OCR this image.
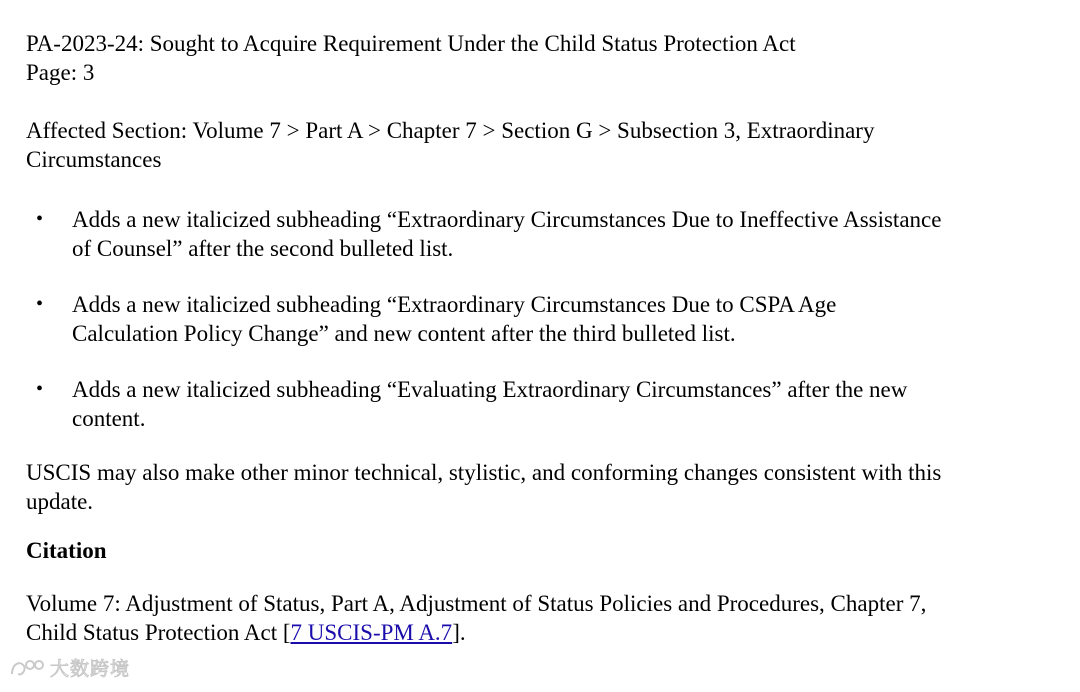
PA-2023-24: Sought to Acquire Requirement Under the Child Status Protection Act
Page: 3
Affected Section: Volume 7 > Part A > Chapter 7 > Section G > Subsection 3, Extraordinary
Circumstances
• Adds a new italicized subheading “Extraordinary Circumstances Due to Ineffective Assistance
of Counsel” after the second bulleted list.
• Adds a new italicized subheading “Extraordinary Circumstances Due to CSPA Age
Calculation Policy Change” and new content after the third bulleted list.
• Adds a new italicized subheading “Evaluating Extraordinary Circumstances” after the new
content.
USCIS may also make other minor technical, stylistic, and conforming changes consistent with this
update.
Citation
Volume 7: Adjustment of Status, Part A, Adjustment of Status Policies and Procedures, Chapter 7,
Child Status Protection Act [7 USCIS-PM A.7].
大数跨境
